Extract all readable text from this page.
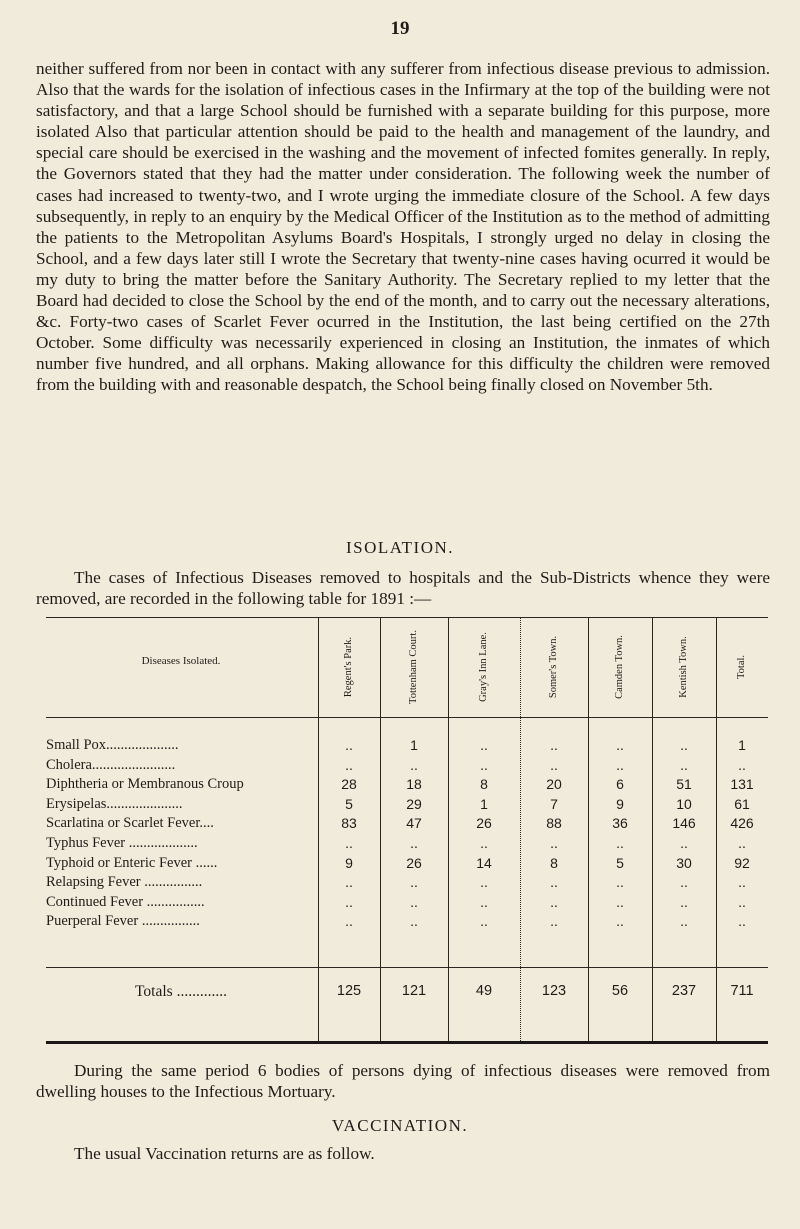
19

neither suffered from nor been in contact with any sufferer from infectious disease previous to admission. Also that the wards for the isolation of infectious cases in the Infirmary at the top of the building were not satisfactory, and that a large School should be furnished with a separate building for this purpose, more isolated Also that particular attention should be paid to the health and management of the laundry, and special care should be exercised in the washing and the movement of infected fomites generally. In reply, the Governors stated that they had the matter under consideration. The following week the number of cases had increased to twenty-two, and I wrote urging the immediate closure of the School. A few days subsequently, in reply to an enquiry by the Medical Officer of the Institution as to the method of admitting the patients to the Metropolitan Asylums Board's Hospitals, I strongly urged no delay in closing the School, and a few days later still I wrote the Secretary that twenty-nine cases having ocurred it would be my duty to bring the matter before the Sanitary Authority. The Secretary replied to my letter that the Board had decided to close the School by the end of the month, and to carry out the necessary alterations, &c. Forty-two cases of Scarlet Fever ocurred in the Institution, the last being certified on the 27th October. Some difficulty was necessarily experienced in closing an Institution, the inmates of which number five hundred, and all orphans. Making allowance for this difficulty the children were removed from the building with and reasonable despatch, the School being finally closed on November 5th.

ISOLATION.

The cases of Infectious Diseases removed to hospitals and the Sub-Districts whence they were removed, are recorded in the following table for 1891 :—

Diseases Isolated.	Regent's Park.	Tottenham Court.	Gray's Inn Lane.	Somer's Town.	Camden Town.	Kentish Town.	Total.
Small Pox....................	..	1	..	..	..	..	1
Cholera.......................	..	..	..	..	..	..	..
Diphtheria or Membranous Croup	28	18	8	20	6	51	131
Erysipelas.....................	5	29	1	7	9	10	61
Scarlatina or Scarlet Fever....	83	47	26	88	36	146	426
Typhus Fever ...................	..	..	..	..	..	..	..
Typhoid or Enteric Fever ......	9	26	14	8	5	30	92
Relapsing Fever ................	..	..	..	..	..	..	..
Continued Fever ................	..	..	..	..	..	..	..
Puerperal Fever ................	..	..	..	..	..	..	..
Totals .............	125	121	49	123	56	237	711

During the same period 6 bodies of persons dying of infectious diseases were removed from dwelling houses to the Infectious Mortuary.

VACCINATION.

The usual Vaccination returns are as follow.
